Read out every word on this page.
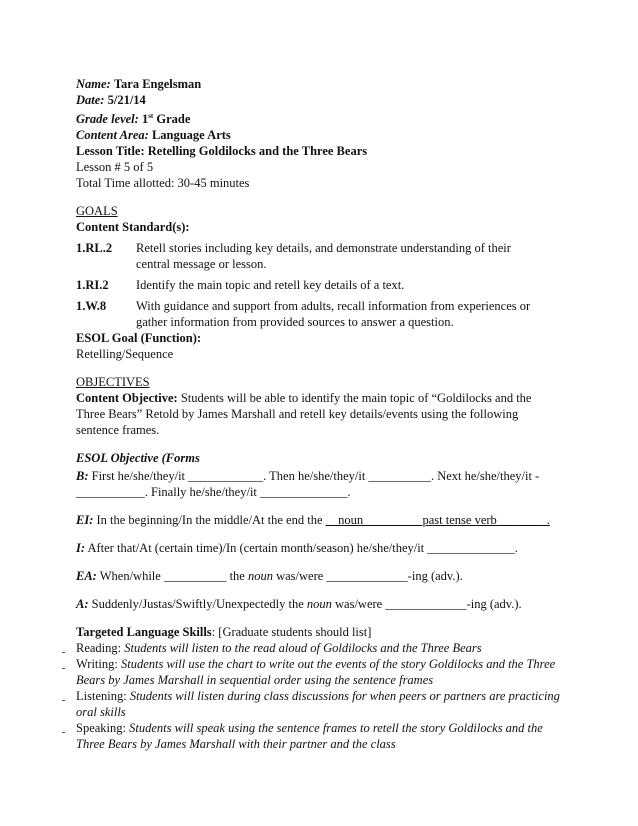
Name: Tara Engelsman
Date: 5/21/14
Grade level: 1st Grade
Content Area: Language Arts
Lesson Title: Retelling Goldilocks and the Three Bears
Lesson # 5 of 5
Total Time allotted: 30-45 minutes
GOALS
Content Standard(s):
1.RL.2	Retell stories including key details, and demonstrate understanding of their
central message or lesson.
1.RI.2	Identify the main topic and retell key details of a text.
1.W.8	With guidance and support from adults, recall information from experiences or
gather information from provided sources to answer a question.
ESOL Goal (Function):
Retelling/Sequence
OBJECTIVES
Content Objective: Students will be able to identify the main topic of “Goldilocks and the
Three Bears” Retold by James Marshall and retell key details/events using the following
sentence frames.
ESOL Objective (Forms
B: First he/she/they/it ____________. Then he/she/they/it __________. Next he/she/they/it -
___________. Finally he/she/they/it ______________.
EI: In the beginning/In the middle/At the end the __noun______ ___past tense verb________.
I: After that/At (certain time)/In (certain month/season) he/she/they/it ______________.
EA: When/while __________ the noun was/were _____________-ing (adv.).
A: Suddenly/Justas/Swiftly/Unexpectedly the noun was/were _____________-ing (adv.).
Targeted Language Skills: [Graduate students should list]
- Reading: Students will listen to the read aloud of Goldilocks and the Three Bears
- Writing: Students will use the chart to write out the events of the story Goldilocks and the Three
Bears by James Marshall in sequential order using the sentence frames
- Listening: Students will listen during class discussions for when peers or partners are practicing
oral skills
- Speaking: Students will speak using the sentence frames to retell the story Goldilocks and the
Three Bears by James Marshall with their partner and the class
